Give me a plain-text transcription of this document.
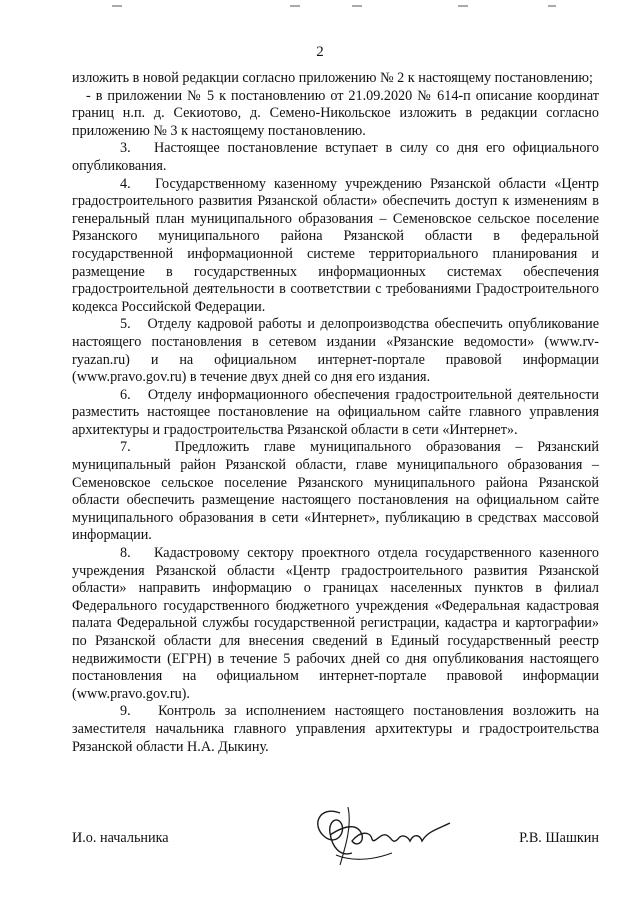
2

изложить в новой редакции согласно приложению № 2 к настоящему постановлению;

- в приложении № 5 к постановлению от 21.09.2020 № 614-п описание координат границ н.п. д. Секиотово, д. Семено-Никольское изложить в редакции согласно приложению № 3 к настоящему постановлению.

3.   Настоящее постановление вступает в силу со дня его официального опубликования.

4.   Государственному казенному учреждению Рязанской области «Центр градостроительного развития Рязанской области» обеспечить доступ к изменениям в генеральный план муниципального образования – Семеновское сельское поселение Рязанского муниципального района Рязанской области в федеральной государственной информационной системе территориального планирования и размещение в государственных информационных системах обеспечения градостроительной деятельности в соответствии с требованиями Градостроительного кодекса Российской Федерации.

5.   Отделу кадровой работы и делопроизводства обеспечить опубликование настоящего постановления в сетевом издании «Рязанские ведомости» (www.rv-ryazan.ru) и на официальном интернет-портале правовой информации (www.pravo.gov.ru) в течение двух дней со дня его издания.

6.   Отделу информационного обеспечения градостроительной деятельности разместить настоящее постановление на официальном сайте главного управления архитектуры и градостроительства Рязанской области в сети «Интернет».

7.   Предложить главе муниципального образования – Рязанский муниципальный район Рязанской области, главе муниципального образования – Семеновское сельское поселение Рязанского муниципального района Рязанской области обеспечить размещение настоящего постановления на официальном сайте муниципального образования в сети «Интернет», публикацию в средствах массовой информации.

8.   Кадастровому сектору проектного отдела государственного казенного учреждения Рязанской области «Центр градостроительного развития Рязанской области» направить информацию о границах населенных пунктов в филиал Федерального государственного бюджетного учреждения «Федеральная кадастровая палата Федеральной службы государственной регистрации, кадастра и картографии» по Рязанской области для внесения сведений в Единый государственный реестр недвижимости (ЕГРН) в течение 5 рабочих дней со дня опубликования настоящего постановления на официальном интернет-портале правовой информации (www.pravo.gov.ru).

9.   Контроль за исполнением настоящего постановления возложить на заместителя начальника главного управления архитектуры и градостроительства Рязанской области Н.А. Дыкину.

И.о. начальника	Р.В. Шашкин
